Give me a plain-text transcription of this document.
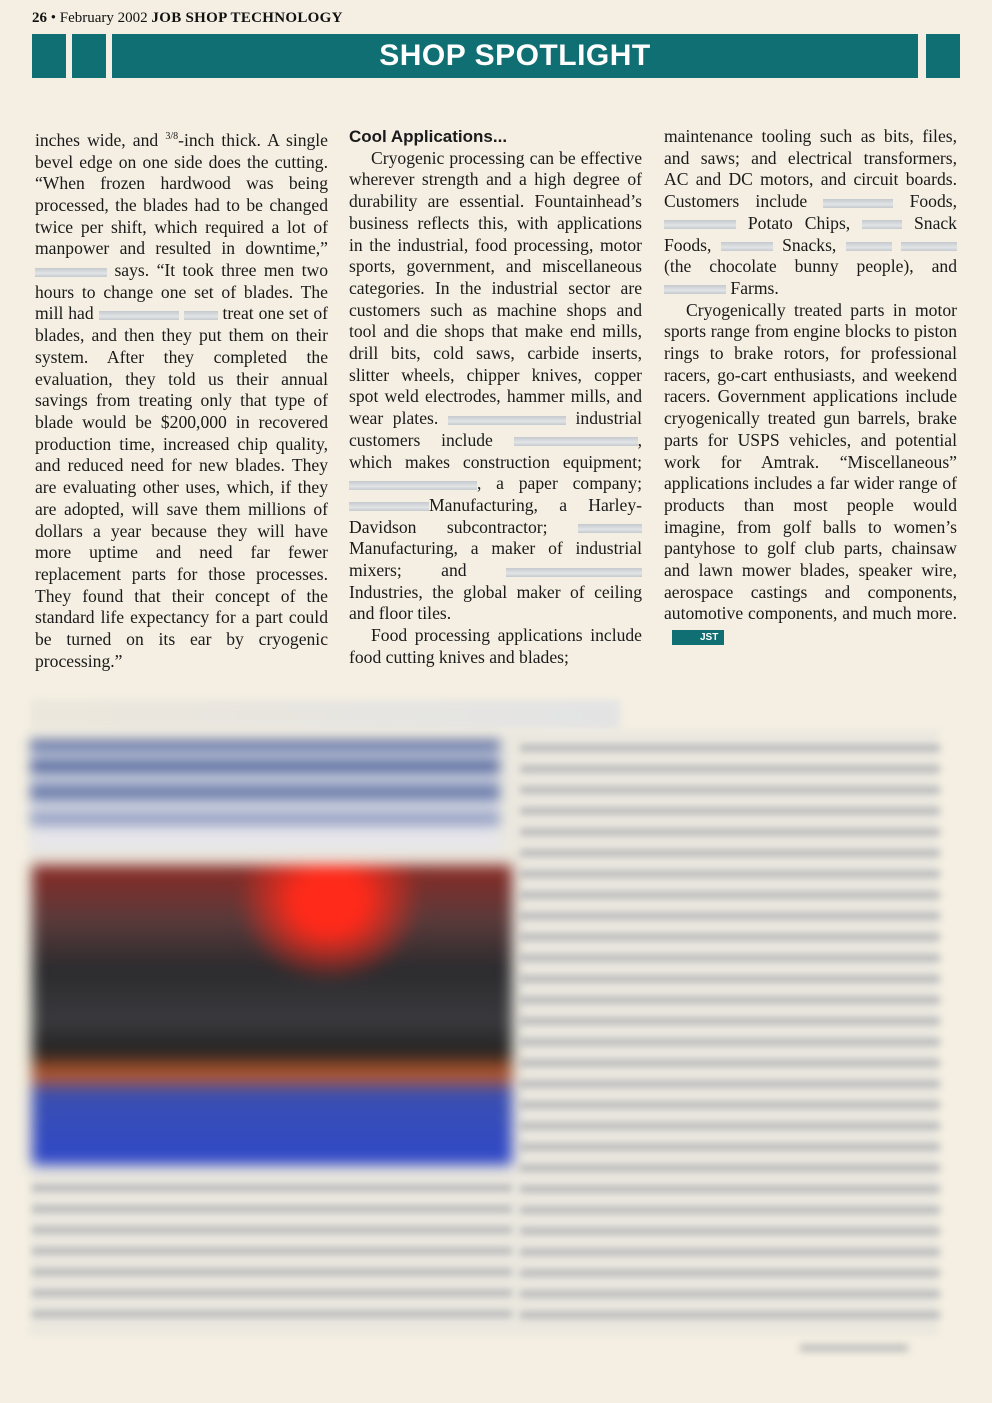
26 • February 2002 JOB SHOP TECHNOLOGY
SHOP SPOTLIGHT

inches wide, and $^{3/8}$-inch thick. A single bevel edge on one side does the cutting. “When frozen hardwood was being processed, the blades had to be changed twice per shift, which required a lot of manpower and resulted in downtime,”  says. “It took three men two hours to change one set of blades. The mill had	treat one set of blades, and then they put them on their system. After they completed the evaluation, they told us their annual savings from treating only that type of blade would be $200,000 in recovered production time, increased chip quality, and reduced need for new blades. They are evaluating other uses, which, if they are adopted, will save them millions of dollars a year because they will have more uptime and need far fewer replacement parts for those processes. They found that their concept of the standard life expectancy for a part could be turned on its ear by cryogenic processing.”

Cool Applications...

Cryogenic processing can be effective wherever strength and a high degree of durability are essential. Fountainhead’s business reflects this, with applications in the industrial, food processing, motor sports, government, and miscellaneous categories. In the industrial sector are customers such as machine shops and tool and die shops that make end mills, drill bits, cold saws, carbide inserts, slitter wheels, chipper knives, copper spot weld electrodes, hammer mills, and wear plates.	industrial customers include	, which makes construction equipment; , a paper company; Manufacturing, a Harley-Davidson subcontractor;  Manufacturing, a maker of industrial mixers; and  Industries, the global maker of ceiling and floor tiles.

Food processing applications include food cutting knives and blades;

maintenance tooling such as bits, files, and saws; and electrical transformers, AC and DC motors, and circuit boards. Customers include	Foods,  Potato Chips,	Snack Foods,	Snacks,   (the chocolate bunny people), and  Farms.

Cryogenically treated parts in motor sports range from engine blocks to piston rings to brake rotors, for professional racers, go-cart enthusiasts, and weekend racers. Government applications include cryogenically treated gun barrels, brake parts for USPS vehicles, and potential work for Amtrak. “Miscellaneous” applications includes a far wider range of products than most people would imagine, from golf balls to women’s pantyhose to golf club parts, chainsaw and lawn mower blades, speaker wire, aerospace castings and components, automotive components, and much more.JST
